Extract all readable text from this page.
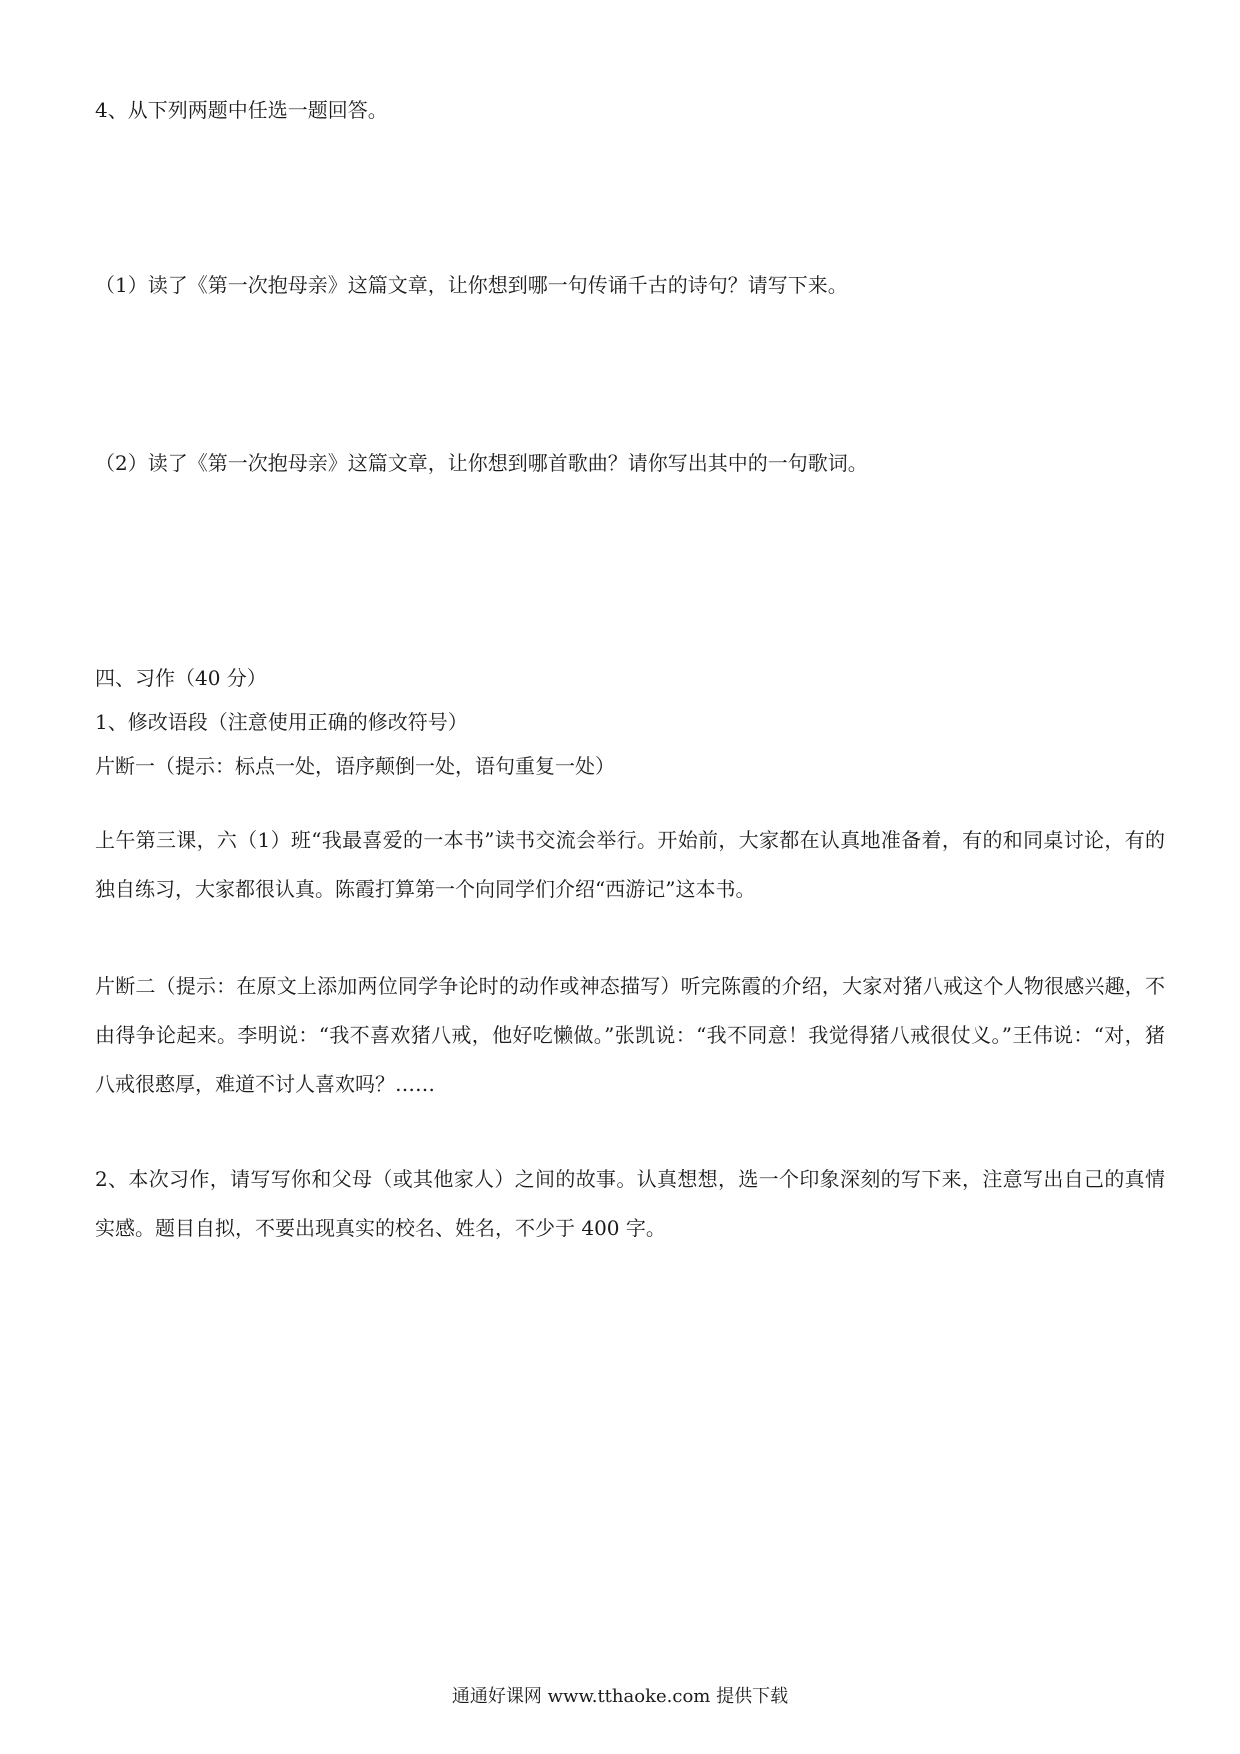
4、从下列两题中任选一题回答。
（1）读了《第一次抱母亲》这篇文章，让你想到哪一句传诵千古的诗句？请写下来。
（2）读了《第一次抱母亲》这篇文章，让你想到哪首歌曲？请你写出其中的一句歌词。
四、习作（40 分）
1、修改语段（注意使用正确的修改符号）
片断一（提示：标点一处，语序颠倒一处，语句重复一处）
上午第三课，六（1）班“我最喜爱的一本书”读书交流会举行。开始前，大家都在认真地准备着，有的和同桌讨论，有的独自练习，大家都很认真。陈霞打算第一个向同学们介绍“西游记”这本书。
片断二（提示：在原文上添加两位同学争论时的动作或神态描写）听完陈霞的介绍，大家对猪八戒这个人物很感兴趣，不由得争论起来。李明说：“我不喜欢猪八戒，他好吃懒做。”张凯说：“我不同意！我觉得猪八戒很仗义。”王伟说：“对，猪八戒很憨厚，难道不讨人喜欢吗？……
2、本次习作，请写写你和父母（或其他家人）之间的故事。认真想想，选一个印象深刻的写下来，注意写出自己的真情实感。题目自拟，不要出现真实的校名、姓名，不少于 400 字。
通通好课网 www.tthaoke.com 提供下载
